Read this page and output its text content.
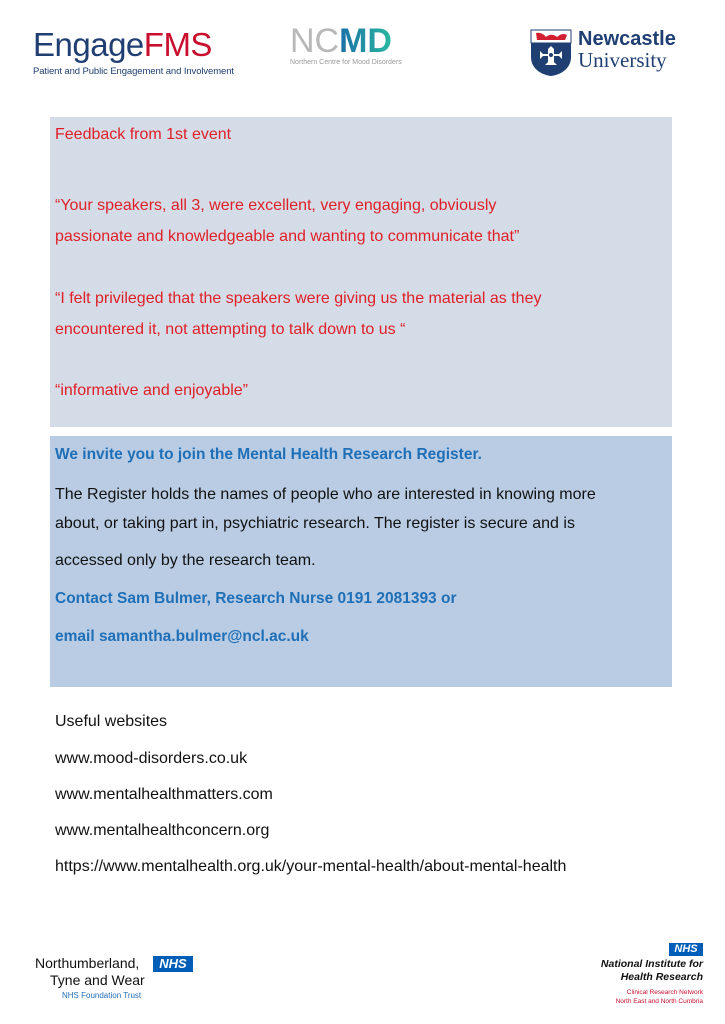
EngageFMS
Patient and Public Engagement and Involvement
NCMD
Northern Centre for Mood Disorders
Newcastle
University
Feedback from 1st event
“Your speakers, all 3, were excellent, very engaging, obviously
passionate and knowledgeable and wanting to communicate that”
“I felt privileged that the speakers were giving us the material as they
encountered it, not attempting to talk down to us “
“informative and enjoyable”
We invite you to join the Mental Health Research Register.
The Register holds the names of people who are interested in knowing more
about, or taking part in, psychiatric research. The register is secure and is
accessed only by the research team.
Contact Sam Bulmer, Research Nurse 0191 2081393 or
email samantha.bulmer@ncl.ac.uk
Useful websites
www.mood-disorders.co.uk
www.mentalhealthmatters.com
www.mentalhealthconcern.org
https://www.mentalhealth.org.uk/your-mental-health/about-mental-health
Northumberland,
Tyne and Wear
NHS Foundation Trust
NHS
NHS
National Institute for
Health Research
Clinical Research Network
North East and North Cumbria
